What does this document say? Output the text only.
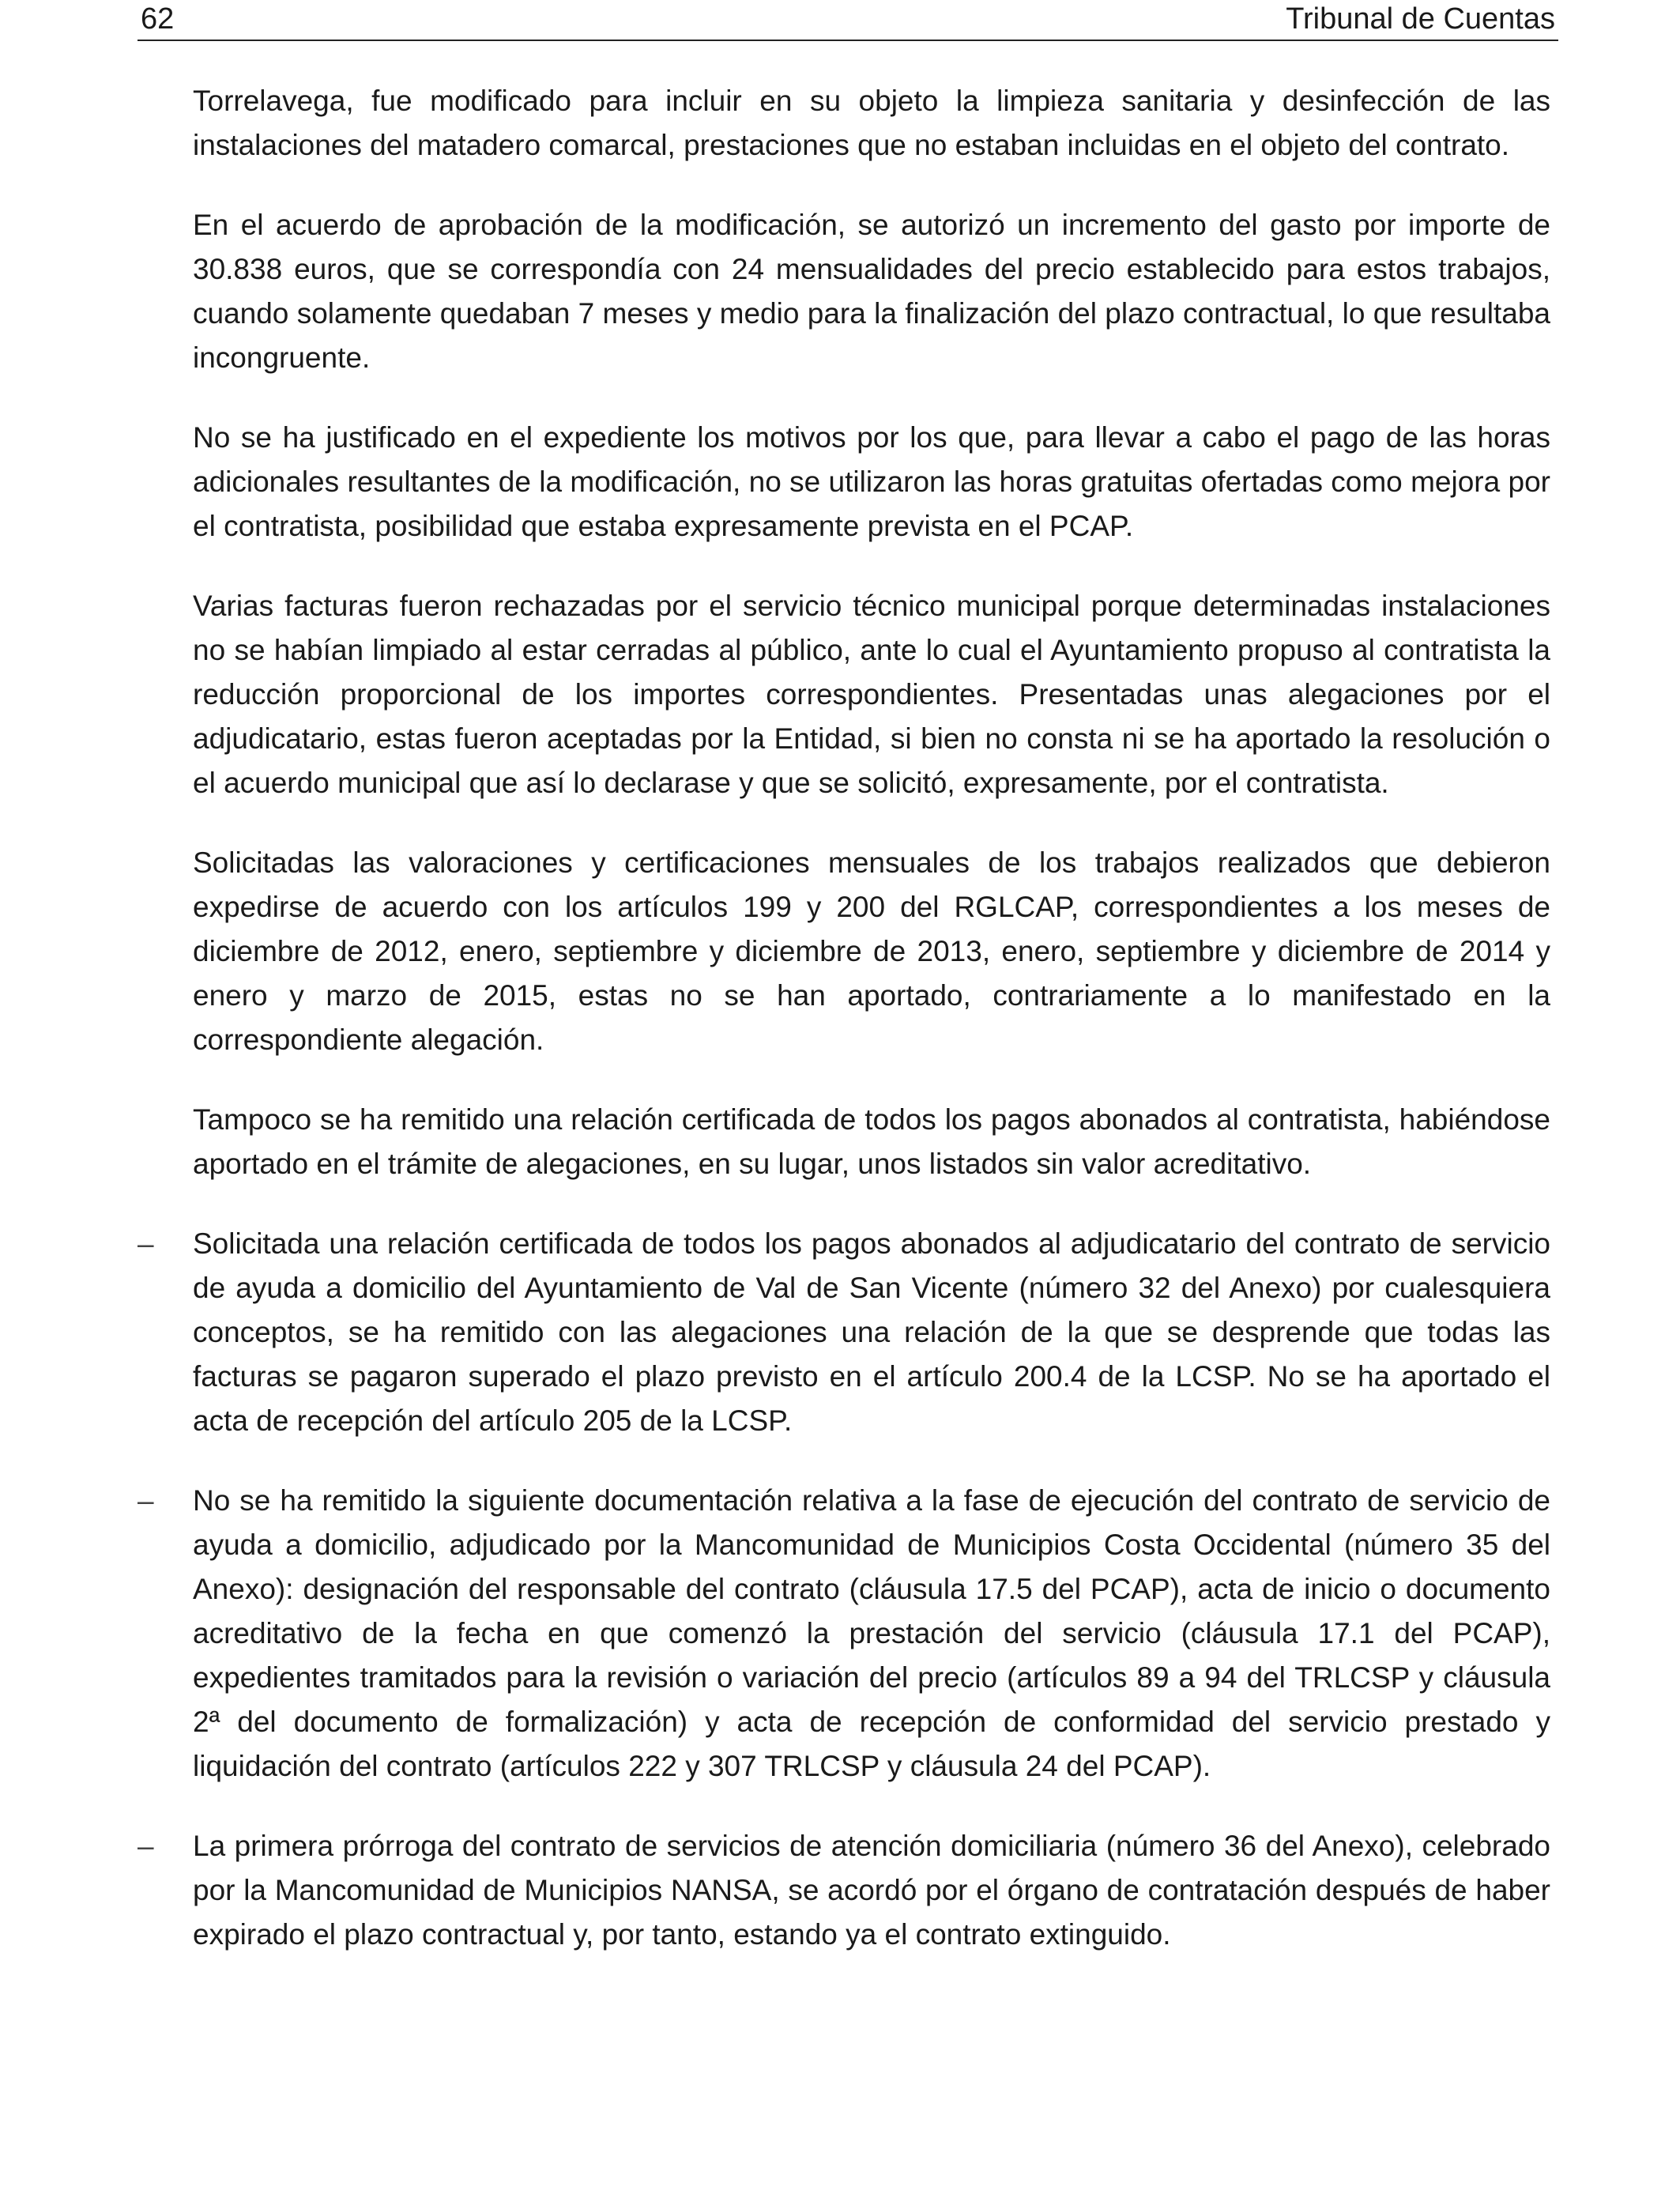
62	Tribunal de Cuentas

Torrelavega, fue modificado para incluir en su objeto la limpieza sanitaria y desinfección de las instalaciones del matadero comarcal, prestaciones que no estaban incluidas en el objeto del contrato.

En el acuerdo de aprobación de la modificación, se autorizó un incremento del gasto por importe de 30.838 euros, que se correspondía con 24 mensualidades del precio establecido para estos trabajos, cuando solamente quedaban 7 meses y medio para la finalización del plazo contractual, lo que resultaba incongruente.

No se ha justificado en el expediente los motivos por los que, para llevar a cabo el pago de las horas adicionales resultantes de la modificación, no se utilizaron las horas gratuitas ofertadas como mejora por el contratista, posibilidad que estaba expresamente prevista en el PCAP.

Varias facturas fueron rechazadas por el servicio técnico municipal porque determinadas instalaciones no se habían limpiado al estar cerradas al público, ante lo cual el Ayuntamiento propuso al contratista la reducción proporcional de los importes correspondientes. Presentadas unas alegaciones por el adjudicatario, estas fueron aceptadas por la Entidad, si bien no consta ni se ha aportado la resolución o el acuerdo municipal que así lo declarase y que se solicitó, expresamente, por el contratista.

Solicitadas las valoraciones y certificaciones mensuales de los trabajos realizados que debieron expedirse de acuerdo con los artículos 199 y 200 del RGLCAP, correspondientes a los meses de diciembre de 2012, enero, septiembre y diciembre de 2013, enero, septiembre y diciembre de 2014 y enero y marzo de 2015, estas no se han aportado, contrariamente a lo manifestado en la correspondiente alegación.

Tampoco se ha remitido una relación certificada de todos los pagos abonados al contratista, habiéndose aportado en el trámite de alegaciones, en su lugar, unos listados sin valor acreditativo.

– Solicitada una relación certificada de todos los pagos abonados al adjudicatario del contrato de servicio de ayuda a domicilio del Ayuntamiento de Val de San Vicente (número 32 del Anexo) por cualesquiera conceptos, se ha remitido con las alegaciones una relación de la que se desprende que todas las facturas se pagaron superado el plazo previsto en el artículo 200.4 de la LCSP. No se ha aportado el acta de recepción del artículo 205 de la LCSP.

– No se ha remitido la siguiente documentación relativa a la fase de ejecución del contrato de servicio de ayuda a domicilio, adjudicado por la Mancomunidad de Municipios Costa Occidental (número 35 del Anexo): designación del responsable del contrato (cláusula 17.5 del PCAP), acta de inicio o documento acreditativo de la fecha en que comenzó la prestación del servicio (cláusula 17.1 del PCAP), expedientes tramitados para la revisión o variación del precio (artículos 89 a 94 del TRLCSP y cláusula 2ª del documento de formalización) y acta de recepción de conformidad del servicio prestado y liquidación del contrato (artículos 222 y 307 TRLCSP y cláusula 24 del PCAP).

– La primera prórroga del contrato de servicios de atención domiciliaria (número 36 del Anexo), celebrado por la Mancomunidad de Municipios NANSA, se acordó por el órgano de contratación después de haber expirado el plazo contractual y, por tanto, estando ya el contrato extinguido.
